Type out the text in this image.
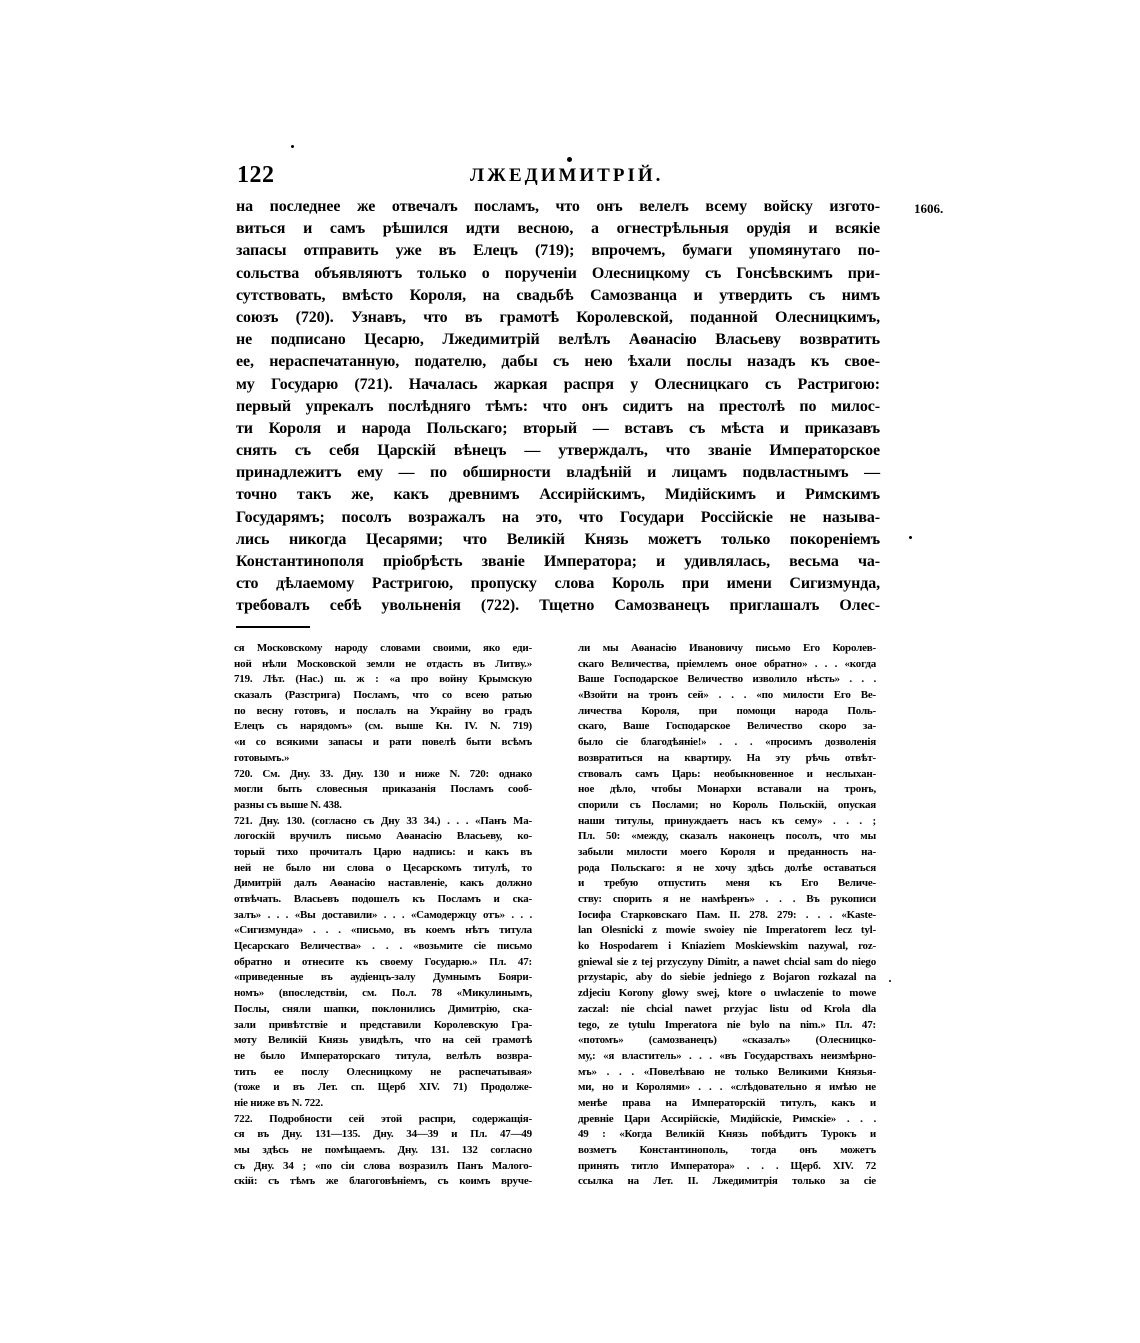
122	ЛЖЕДИМИТРІЙ.
1606.
на последнее же отвечалъ посламъ, что онъ велелъ всему войску изгото-
виться и самъ рѣшился идти весною, а огнестрѣльныя орудія и всякіе
запасы отправить уже въ Елецъ (719); впрочемъ, бумаги упомянутаго по-
сольства объявляютъ только о порученіи Олесницкому съ Гонсѣвскимъ при-
сутствовать, вмѣсто Короля, на свадьбѣ Самозванца и утвердить съ нимъ
союзъ (720). Узнавъ, что въ грамотѣ Королевской, поданной Олесницкимъ,
не подписано Цесарю, Лжедимитрій велѣлъ Аѳанасію Власьеву возвратить
ее, нераспечатанную, подателю, дабы съ нею ѣхали послы назадъ къ свое-
му Государю (721). Началась жаркая распря у Олесницкаго съ Растригою:
первый упрекалъ послѣдняго тѣмъ: что онъ сидитъ на престолѣ по милос-
ти Короля и народа Польскаго; вторый — вставъ съ мѣста и приказавъ
снять съ себя Царскій вѣнецъ — утверждалъ, что званіе Императорское
принадлежитъ ему — по обширности владѣній и лицамъ подвластнымъ —
точно такъ же, какъ древнимъ Ассирійскимъ, Мидійскимъ и Римскимъ
Государямъ; посолъ возражалъ на это, что Государи Россійскіе не называ-
лись никогда Цесарями; что Великій Князь можетъ только покореніемъ
Константинополя пріобрѣсть званіе Императора; и удивлялась, весьма ча-
сто дѣлаемому Растригою, пропуску слова Король при имени Сигизмунда,
требовалъ себѣ увольненія (722). Тщетно Самозванецъ приглашалъ Олес-
ся Московскому народу словами своими, яко еди-
ной нѣли Московской земли не отдасть въ Литву.»
719. Лѣт. (Нас.) ш. ж : «а про войну Крымскую
сказалъ (Разстрига) Посламъ, что со всею ратью
по весну готовъ, и послалъ на Украйну во градъ
Елецъ съ нарядомъ» (см. выше Кн. IV. N. 719)
«и со всякими запасы и рати повелѣ быти всѣмъ
готовымъ.»
720. См. Дну. 33. Дну. 130 и ниже N. 720: однако
могли быть словесныя приказанія Посламъ сооб-
разны съ выше N. 438.
721. Дну. 130. (согласно съ Дну 33 34.) . . . «Панъ Ма-
логоскій вручилъ письмо Аѳанасію Власьеву, ко-
торый тихо прочиталъ Царю надпись: и какъ въ
ней не было ни слова о Цесарскомъ титулѣ, то
Димитрій далъ Аѳанасію наставленіе, какъ должно
отвѣчать. Власьевъ подошелъ къ Посламъ и ска-
залъ» . . . «Вы доставили» . . . «Самодержцу отъ» . . .
«Сигизмунда» . . . «письмо, въ коемъ нѣтъ титула
Цесарскаго Величества» . . . «возьмите сіе письмо
обратно и отнесите къ своему Государю.» Пл. 47:
«приведенные въ аудіенцъ-залу Думнымъ Бояри-
номъ» (впоследствіи, см. По.л. 78 «Микулинымъ,
Послы, сняли шапки, поклонились Димитрію, ска-
зали привѣтствіе и представили Королевскую Гра-
моту Великій Князь увидѣлъ, что на сей грамотѣ
не было Императорскаго титула, велѣлъ возвра-
тить ее послу Олесницкому не распечатывая»
(тоже и въ Лет. сп. Щерб XIV. 71) Продолже-
ніе ниже въ N. 722.
722. Подробности сей этой распри, содержащія-
ся въ Дну. 131—135. Дну. 34—39 и Пл. 47—49
мы здѣсь не помѣщаемъ. Дну. 131. 132 согласно
съ Дну. 34 ; «по сіи слова возразилъ Панъ Малого-
скій: съ тѣмъ же благоговѣніемъ, съ коимъ вруче-
ли мы Аѳанасію Ивановичу письмо Его Королев-
скаго Величества, пріемлемъ оное обратно» . . . «когда
Ваше Господарское Величество изволило нѣсть» . . .
«Взойти на тронъ сей» . . . «по милости Его Ве-
личества Короля, при помощи народа Поль-
скаго, Ваше Господарское Величество скоро за-
было сіе благодѣяніе!» . . . «просимъ дозволенія
возвратиться на квартиру. На эту рѣчь отвѣт-
ствовалъ самъ Царь: необыкновенное и неслыхан-
ное дѣло, чтобы Монархи вставали на тронъ,
спорили съ Послами; но Король Польскій, опуская
наши титулы, принуждаетъ насъ къ сему» . . . ;
Пл. 50: «между, сказалъ наконецъ посолъ, что мы
забыли милости моего Короля и преданность на-
рода Польскаго: я не хочу здѣсь долѣе оставаться
и требую отпустить меня къ Его Величе-
ству: спорить я не намѣренъ» . . . Въ рукописи
Іосифа Старковскаго Пам. II. 278. 279: . . . «Kaste-
lan Olesnicki z mowie swoiey nie Imperatorem lecz tyl-
ko Hospodarem i Kniaziem Moskiewskim nazywal, roz-
gniewal sie z tej przyczyny Dimitr, a nawet chcial sam do niego
przystapic, aby do siebie jedniego z Bojaron rozkazal na
zdjeciu Korony glowy swej, ktore o uwlaczenie to mowe
zaczal: nie chcial nawet przyjac listu od Krola dla
tego, ze tytulu Imperatora nie bylo na nim.» Пл. 47:
«потомъ» (самозванецъ) «сказалъ» (Олесницко-
му,: «я властитель» . . . «въ Государствахъ неизмѣрно-
мъ» . . . «Повелѣваю не только Великими Князья-
ми, но и Королями» . . . «слѣдовательно я имѣю не
менѣе права на Императорскій титулъ, какъ и
древніе Цари Ассирійскіе, Мидійскіе, Римскіе» . . .
49 : «Когда Великій Князь побѣдитъ Турокъ и
возметъ Константинополь, тогда онъ можетъ
принять титло Императора» . . . Щерб. XIV. 72
ссылка на Лет. II. Лжедимитрія только за сіе
